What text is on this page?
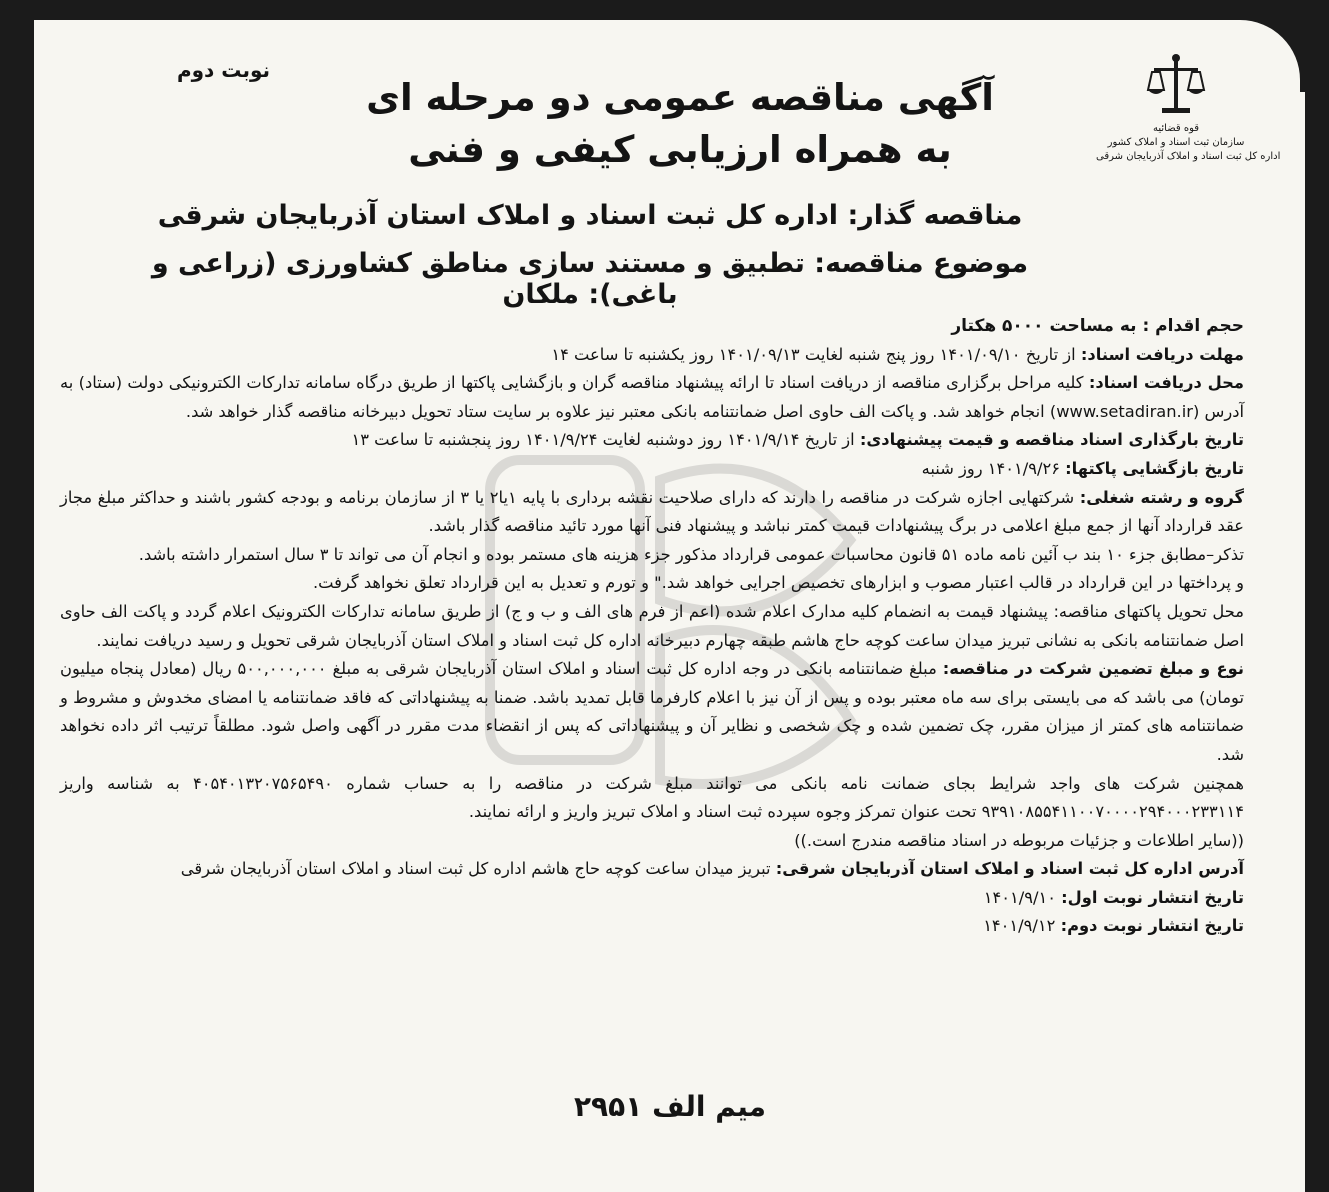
نوبت دوم
قوه قضائیه
سازمان ثبت اسناد و املاک کشور
اداره کل ثبت اسناد و املاک آذربایجان شرقی
آگهی مناقصه عمومی دو مرحله ای
به همراه ارزیابی کیفی و فنی
مناقصه گذار: اداره کل ثبت اسناد و املاک استان آذربایجان شرقی
موضوع مناقصه: تطبیق و مستند سازی مناطق کشاورزی (زراعی و باغی): ملکان

حجم اقدام : به مساحت ۵۰۰۰ هکتار

مهلت دریافت اسناد: از تاریخ ۱۴۰۱/۰۹/۱۰ روز پنج شنبه لغایت ۱۴۰۱/۰۹/۱۳ روز یکشنبه تا ساعت ۱۴

محل دریافت اسناد: کلیه مراحل برگزاری مناقصه از دریافت اسناد تا ارائه پیشنهاد مناقصه گران و بازگشایی پاکتها از طریق درگاه سامانه تدارکات الکترونیکی دولت (ستاد) به آدرس (www.setadiran.ir) انجام خواهد شد. و پاکت الف حاوی اصل ضمانتنامه بانکی معتبر نیز علاوه بر سایت ستاد تحویل دبیرخانه مناقصه گذار خواهد شد.

تاریخ بارگذاری اسناد مناقصه و قیمت پیشنهادی: از تاریخ ۱۴۰۱/۹/۱۴ روز دوشنبه لغایت ۱۴۰۱/۹/۲۴ روز پنجشنبه تا ساعت ۱۳

تاریخ بازگشایی پاکتها: ۱۴۰۱/۹/۲۶ روز شنبه

گروه و رشته شغلی: شرکتهایی اجازه شرکت در مناقصه را دارند که دارای صلاحیت نقشه برداری با پایه ۱یا۲ یا ۳ از سازمان برنامه و بودجه کشور باشند و حداکثر مبلغ مجاز عقد قرارداد آنها از جمع مبلغ اعلامی در برگ پیشنهادات قیمت کمتر نباشد و پیشنهاد فنی آنها مورد تائید مناقصه گذار باشد.

تذکر–مطابق جزء ۱۰ بند ب آئین نامه ماده ۵۱ قانون محاسبات عمومی قرارداد مذکور جزء هزینه های مستمر بوده و انجام آن می تواند تا ۳ سال استمرار داشته باشد.

و پرداختها در این قرارداد در قالب اعتبار مصوب و ابزارهای تخصیص اجرایی خواهد شد." و تورم و تعدیل به این قرارداد تعلق نخواهد گرفت.

محل تحویل پاکتهای مناقصه: پیشنهاد قیمت به انضمام کلیه مدارک اعلام شده (اعم از فرم های الف و ب و ج) از طریق سامانه تدارکات الکترونیک اعلام گردد و پاکت الف حاوی اصل ضمانتنامه بانکی به نشانی تبریز میدان ساعت کوچه حاج هاشم طبقه چهارم دبیرخانه اداره کل ثبت اسناد و املاک استان آذربایجان شرقی تحویل و رسید دریافت نمایند.

نوع و مبلغ تضمین شرکت در مناقصه: مبلغ ضمانتنامه بانکی در وجه اداره کل ثبت اسناد و املاک استان آذربایجان شرقی به مبلغ ۵۰۰,۰۰۰,۰۰۰ ریال (معادل پنجاه میلیون تومان) می باشد که می بایستی برای سه ماه معتبر بوده و پس از آن نیز با اعلام کارفرما قابل تمدید باشد. ضمنا به پیشنهاداتی که فاقد ضمانتنامه یا امضای مخدوش و مشروط و ضمانتنامه های کمتر از میزان مقرر، چک تضمین شده و چک شخصی و نظایر آن و پیشنهاداتی که پس از انقضاء مدت مقرر در آگهی واصل شود. مطلقاً ترتیب اثر داده نخواهد شد.

همچنین شرکت های واجد شرایط بجای ضمانت نامه بانکی می توانند مبلغ شرکت در مناقصه را به حساب شماره ۴۰۵۴۰۱۳۲۰۷۵۶۵۴۹۰ به شناسه واریز ۹۳۹۱۰۸۵۵۴۱۱۰۰۷۰۰۰۰۲۹۴۰۰۰۲۳۳۱۱۴ تحت عنوان تمرکز وجوه سپرده ثبت اسناد و املاک تبریز واریز و ارائه نمایند.

((سایر اطلاعات و جزئیات مربوطه در اسناد مناقصه مندرج است.))

آدرس اداره کل ثبت اسناد و املاک استان آذربایجان شرقی: تبریز میدان ساعت کوچه حاج هاشم اداره کل ثبت اسناد و املاک استان آذربایجان شرقی

تاریخ انتشار نوبت اول: ۱۴۰۱/۹/۱۰

تاریخ انتشار نوبت دوم: ۱۴۰۱/۹/۱۲

میم الف ۲۹۵۱
